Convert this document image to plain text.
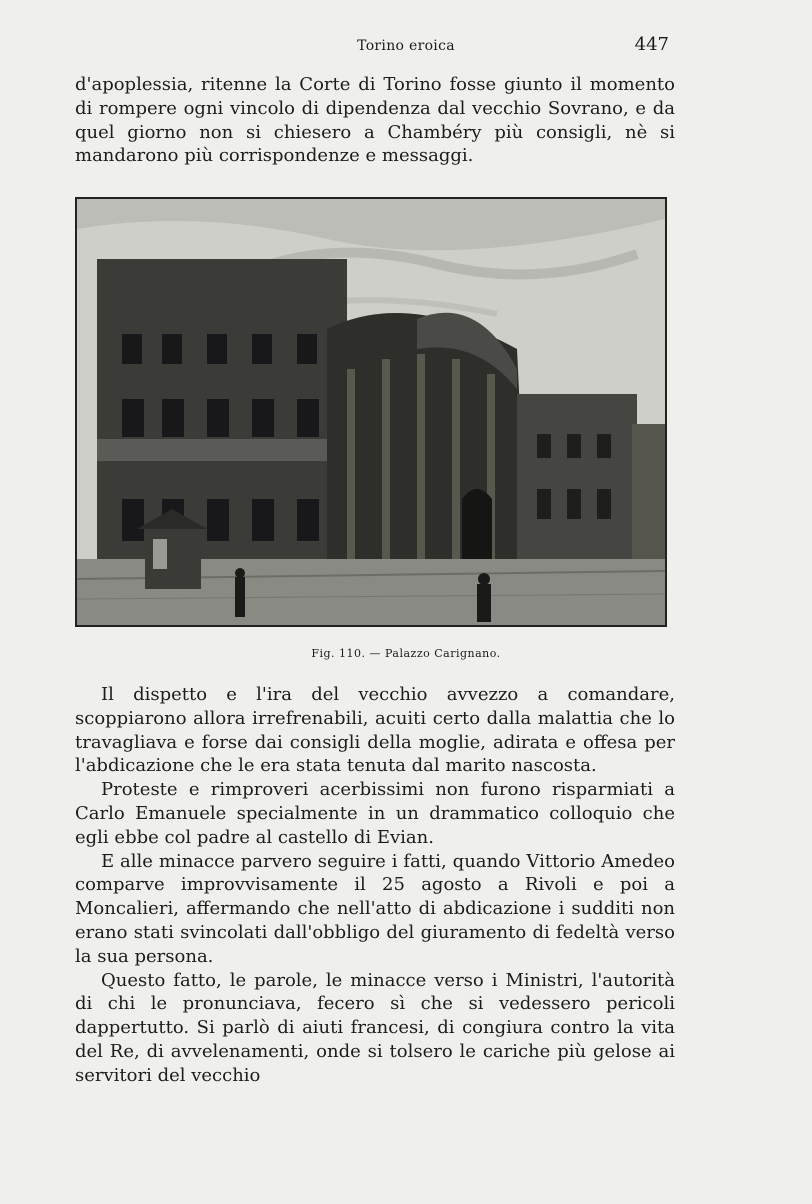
Torino eroica	447

d'apoplessia, ritenne la Corte di Torino fosse giunto il momento di rompere ogni vincolo di dipendenza dal vecchio Sovrano, e da quel giorno non si chiesero a Chambéry più consigli, nè si mandarono più corrispondenze e messaggi.

Fig. 110. — Palazzo Carignano.

Il dispetto e l'ira del vecchio avvezzo a comandare, scoppiarono allora irrefrenabili, acuiti certo dalla malattia che lo travagliava e forse dai consigli della moglie, adirata e offesa per l'abdicazione che le era stata tenuta dal marito nascosta.

Proteste e rimproveri acerbissimi non furono risparmiati a Carlo Emanuele specialmente in un drammatico colloquio che egli ebbe col padre al castello di Evian.

E alle minacce parvero seguire i fatti, quando Vittorio Amedeo comparve improvvisamente il 25 agosto a Rivoli e poi a Moncalieri, affermando che nell'atto di abdicazione i sudditi non erano stati svincolati dall'obbligo del giuramento di fedeltà verso la sua persona.

Questo fatto, le parole, le minacce verso i Ministri, l'autorità di chi le pronunciava, fecero sì che si vedessero pericoli dappertutto. Si parlò di aiuti francesi, di congiura contro la vita del Re, di avvelenamenti, onde si tolsero le cariche più gelose ai servitori del vecchio
